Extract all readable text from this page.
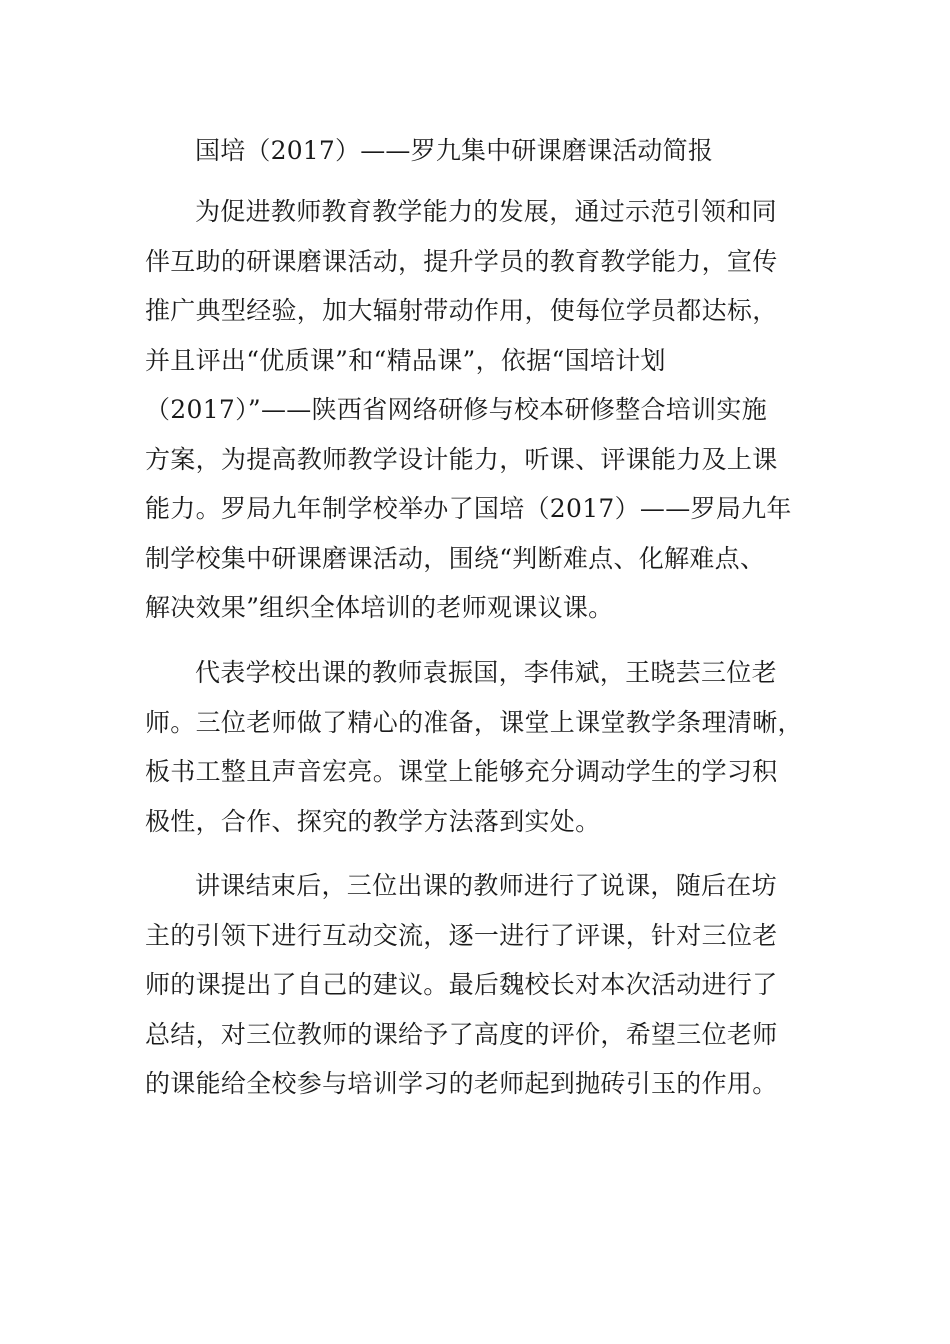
国培（2017）——罗九集中研课磨课活动简报
为促进教师教育教学能力的发展，通过示范引领和同
伴互助的研课磨课活动，提升学员的教育教学能力，宣传
推广典型经验，加大辐射带动作用，使每位学员都达标，
并且评出“优质课”和“精品课”，依据“国培计划
（2017）”——陕西省网络研修与校本研修整合培训实施
方案，为提高教师教学设计能力，听课、评课能力及上课
能力。罗局九年制学校举办了国培（2017）——罗局九年
制学校集中研课磨课活动，围绕“判断难点、化解难点、
解决效果”组织全体培训的老师观课议课。
代表学校出课的教师袁振国，李伟斌，王晓芸三位老
师。三位老师做了精心的准备，课堂上课堂教学条理清晰，
板书工整且声音宏亮。课堂上能够充分调动学生的学习积
极性，合作、探究的教学方法落到实处。
讲课结束后，三位出课的教师进行了说课，随后在坊
主的引领下进行互动交流，逐一进行了评课，针对三位老
师的课提出了自己的建议。最后魏校长对本次活动进行了
总结，对三位教师的课给予了高度的评价，希望三位老师
的课能给全校参与培训学习的老师起到抛砖引玉的作用。
